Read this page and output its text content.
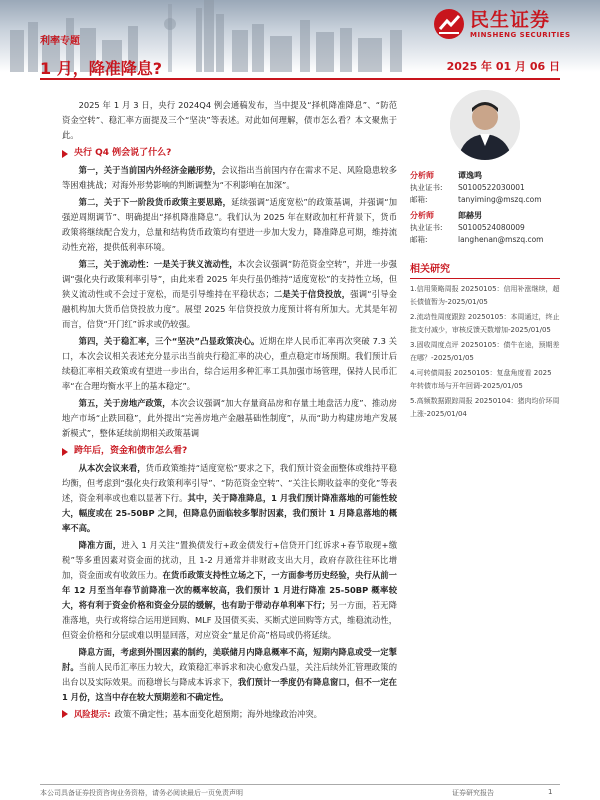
民生证券
MINSHENG SECURITIES
利率专题
1 月，降准降息?	2025 年 01 月 06 日

2025 年 1 月 3 日，央行 2024Q4 例会通稿发布，当中提及“择机降准降息”、“防范资金空转”、稳汇率方面提及三个“坚决”等表述。对此如何理解，债市怎么看？本文聚焦于此。

央行 Q4 例会说了什么?

第一，关于当前国内外经济金融形势，会议指出当前国内存在需求不足、风险隐患较多等困难挑战；对海外形势影响的判断调整为“不利影响在加深”。

第二，关于下一阶段货币政策主要思路，延续强调“适度宽松”的政策基调，并强调“加强逆周期调节”、明确提出“择机降准降息”。我们认为 2025 年在财政加杠杆背景下，货币政策将继续配合发力，总量和结构货币政策均有望进一步加大发力，降准降息可期，维持流动性充裕，提供低利率环境。

第三，关于流动性：一是关于狭义流动性，本次会议强调“防范资金空转”，并进一步强调“强化央行政策利率引导”，由此来看 2025 年央行虽仍维持“适度宽松”的支持性立场，但狭义流动性或不会过于宽松，而是引导维持在平稳状态；二是关于信贷投放，强调“引导金融机构加大货币信贷投放力度”。展望 2025 年信贷投放力度预计将有所加大。尤其是年初而言，信贷“开门红”诉求或仍较强。

第四，关于稳汇率，三个“坚决”凸显政策决心。近期在岸人民币汇率再次突破 7.3 关口，本次会议相关表述充分显示出当前央行稳汇率的决心，重点稳定市场预期。我们预计后续稳汇率相关政策或有望进一步出台，综合运用多种汇率工具加强市场管理，保持人民币汇率“在合理均衡水平上的基本稳定”。

第五，关于房地产政策，本次会议强调“加大存量商品房和存量土地盘活力度”、推动房地产市场“止跌回稳”，此外提出“完善房地产金融基础性制度”，从而“助力构建房地产发展新模式”，整体延续前期相关政策基调

跨年后，资金和债市怎么看?

从本次会议来看，货币政策维持“适度宽松”要求之下，我们预计资金面整体或维持平稳均衡，但考虑到“强化央行政策利率引导”、“防范资金空转”、“关注长期收益率的变化”等表述，资金利率或也难以显著下行。其中，关于降准降息，1 月我们预计降准落地的可能性较大，幅度或在 25-50BP 之间，但降息仍面临较多掣肘因素，我们预计 1 月降息落地的概率不高。

降准方面，进入 1 月关注“置换债发行+政金债发行+信贷开门红诉求+春节取现+缴税”等多重因素对资金面的扰动，且 1-2 月通常并非财政支出大月，政府存款往往环比增加，资金面或有收敛压力。在货币政策支持性立场之下，一方面参考历史经验，央行从前一年 12 月至当年春节前降准一次的概率较高，我们预计 1 月进行降准 25-50BP 概率较大，将有利于资金价格和资金分层的缓解，也有助于带动存单利率下行；另一方面，若无降准落地，央行或将综合运用逆回购、MLF 及国债买卖、买断式逆回购等方式，维稳流动性，但资金价格和分层或难以明显回落，对应资金“量足价高”格局或仍将延续。

降息方面，考虑到外围因素的制约，美联储月内降息概率不高，短期内降息或受一定掣肘。当前人民币汇率压力较大，政策稳汇率诉求和决心愈发凸显，关注后续外汇管理政策的出台以及实际效果。而稳增长与降成本诉求下，我们预计一季度仍有降息窗口，但不一定在 1 月份，这当中存在较大预期差和不确定性。

风险提示: 政策不确定性；基本面变化超预期；海外地缘政治冲突。
分析师	谭逸鸣
执业证书:	S0100522030001
邮箱:	tanyiming@mszq.com
分析师	郎赫男
执业证书:	S0100524080009
邮箱:	langhenan@mszq.com
相关研究
1.信用策略周报 20250105：信用补涨继续，超长债值暂为-2025/01/05
2.流动性周度跟踪 20250105：本周通过，终止批支付减少，审核反馈天数增加-2025/01/05
3.固收周度点评 20250105：债牛在途，预期差在哪？-2025/01/05
4.可转债周报 20250105：复盘角度看 2025 年转债市场与开年回调-2025/01/05
5.高频数据跟踪周报 20250104：猪肉均价环周上涨-2025/01/04
本公司具备证券投资咨询业务资格，请务必阅读最后一页免责声明	证券研究报告	1
